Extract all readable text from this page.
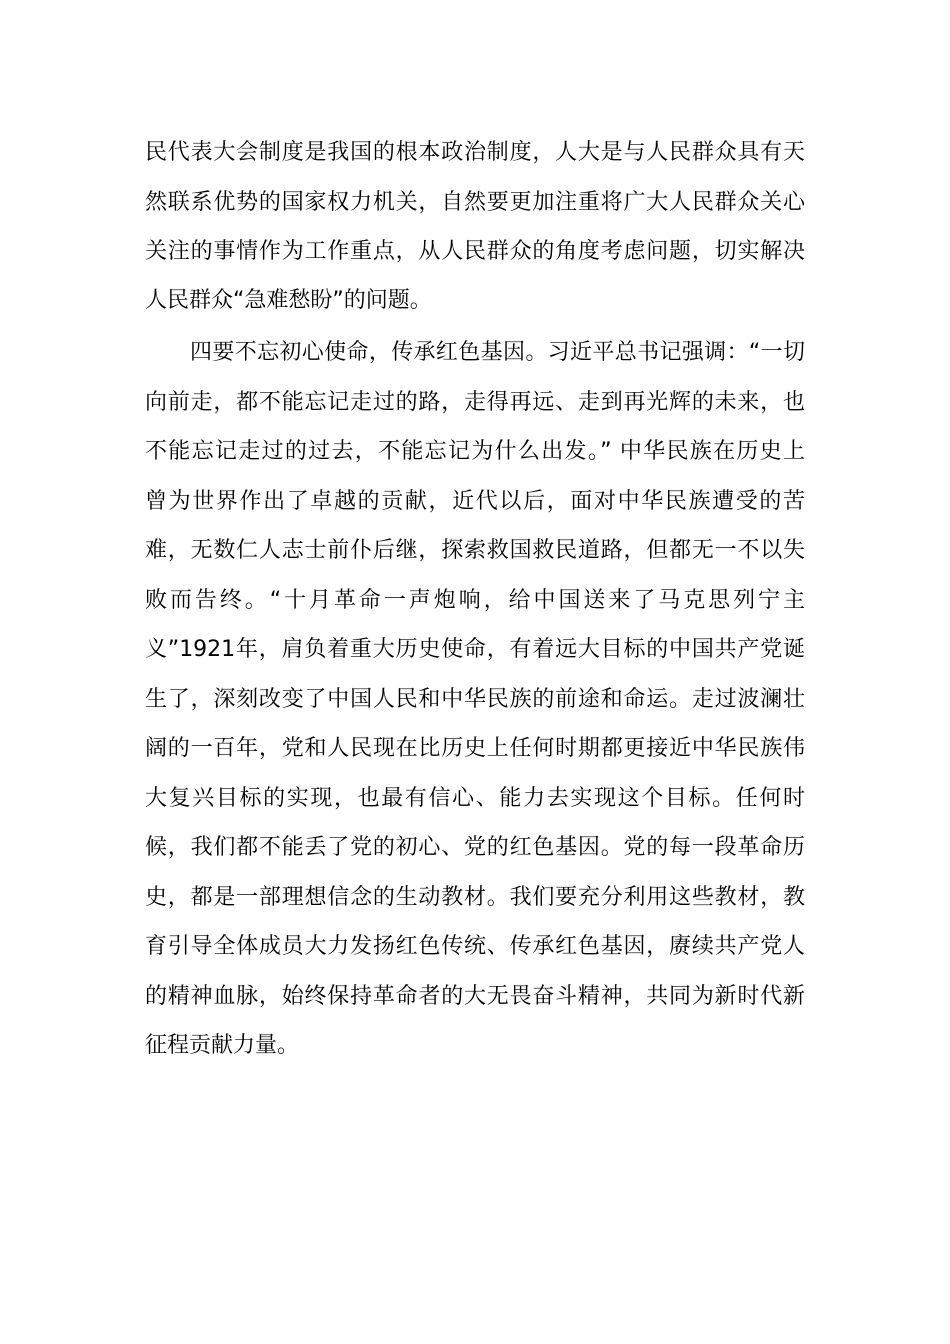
民代表大会制度是我国的根本政治制度，人大是与人民群众具有天
然联系优势的国家权力机关，自然要更加注重将广大人民群众关心
关注的事情作为工作重点，从人民群众的角度考虑问题，切实解决
人民群众“急难愁盼”的问题。
四要不忘初心使命，传承红色基因。习近平总书记强调：“一切
向前走，都不能忘记走过的路，走得再远、走到再光辉的未来，也
不能忘记走过的过去，不能忘记为什么出发。” 中华民族在历史上
曾为世界作出了卓越的贡献，近代以后，面对中华民族遭受的苦
难，无数仁人志士前仆后继，探索救国救民道路，但都无一不以失
败而告终。“十月革命一声炮响，给中国送来了马克思列宁主
义”1921年，肩负着重大历史使命，有着远大目标的中国共产党诞
生了，深刻改变了中国人民和中华民族的前途和命运。走过波澜壮
阔的一百年，党和人民现在比历史上任何时期都更接近中华民族伟
大复兴目标的实现，也最有信心、能力去实现这个目标。任何时
候，我们都不能丢了党的初心、党的红色基因。党的每一段革命历
史，都是一部理想信念的生动教材。我们要充分利用这些教材，教
育引导全体成员大力发扬红色传统、传承红色基因，赓续共产党人
的精神血脉，始终保持革命者的大无畏奋斗精神，共同为新时代新
征程贡献力量。
